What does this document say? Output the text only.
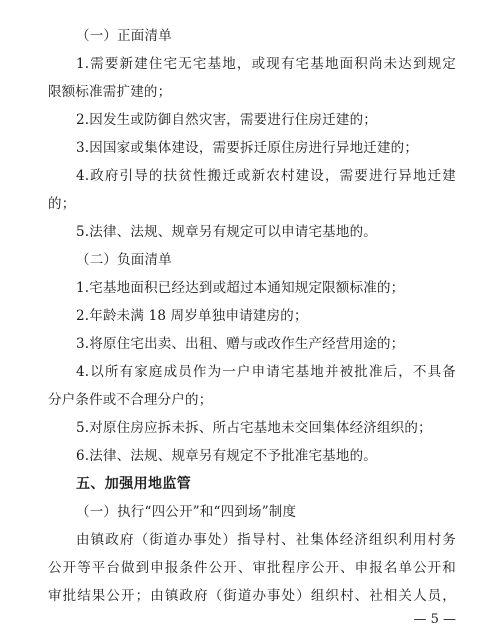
（一）正面清单
1.需要新建住宅无宅基地，或现有宅基地面积尚未达到规定
限额标准需扩建的；
2.因发生或防御自然灾害，需要进行住房迁建的；
3.因国家或集体建设，需要拆迁原住房进行异地迁建的；
4.政府引导的扶贫性搬迁或新农村建设，需要进行异地迁建
的；
5.法律、法规、规章另有规定可以申请宅基地的。
（二）负面清单
1.宅基地面积已经达到或超过本通知规定限额标准的；
2.年龄未满 18 周岁单独申请建房的；
3.将原住宅出卖、出租、赠与或改作生产经营用途的；
4.以所有家庭成员作为一户申请宅基地并被批准后，不具备
分户条件或不合理分户的；
5.对原住房应拆未拆、所占宅基地未交回集体经济组织的；
6.法律、法规、规章另有规定不予批准宅基地的。
五、加强用地监管
（一）执行“四公开”和“四到场”制度
由镇政府（街道办事处）指导村、社集体经济组织利用村务
公开等平台做到申报条件公开、审批程序公开、申报名单公开和
审批结果公开；由镇政府（街道办事处）组织村、社相关人员，
— 5 —
